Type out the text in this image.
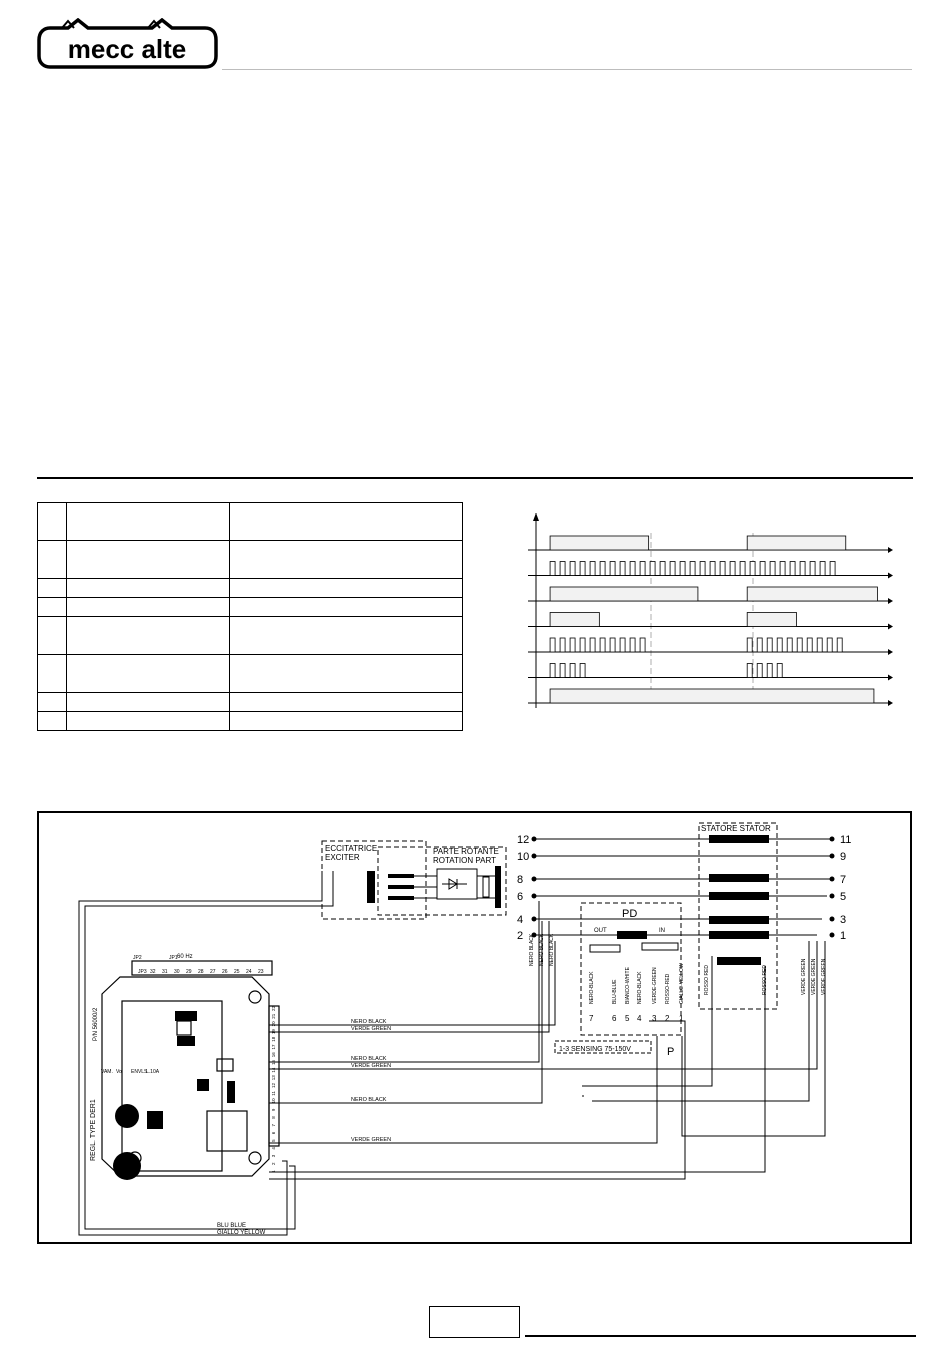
mecc alte

ECCITATRICE
EXCITER
PARTE ROTANTE
ROTATION PART
STATORE STATOR
PD
OUT	IN
P
1-3 SENSING 75-150V
60 Hz
REGL. TYPE DER1
P/N 56000/2
BLU BLUE
GIALLO YELLOW
12
10
8
6
4
2
11
9
7
5
3
1
7 6 5 4 3 2 1
NERO-BLACK	BLU-BLUE BIANCO-WHITE NERO-BLACK VERDE-GREEN ROSSO-RED GIALLO-YELLOW
NERO BLACK NERO BLACK NERO BLACK
ROSSO RED	ROSSO RED	VERDE GREEN VERDE GREEN VERDE GREEN
NERO BLACK
VERDE GREEN
NERO BLACK
VERDE GREEN
NERO BLACK
VERDE GREEN
VAM. Vo ENVLS.
L.10A
JP2	JP1
JP3 32 31 30 29 28 27 26 25 24 23
22
21
20
19
18
17
16
15
14
13
12
11
10
9
8
7
6
5
4
3
2
1
